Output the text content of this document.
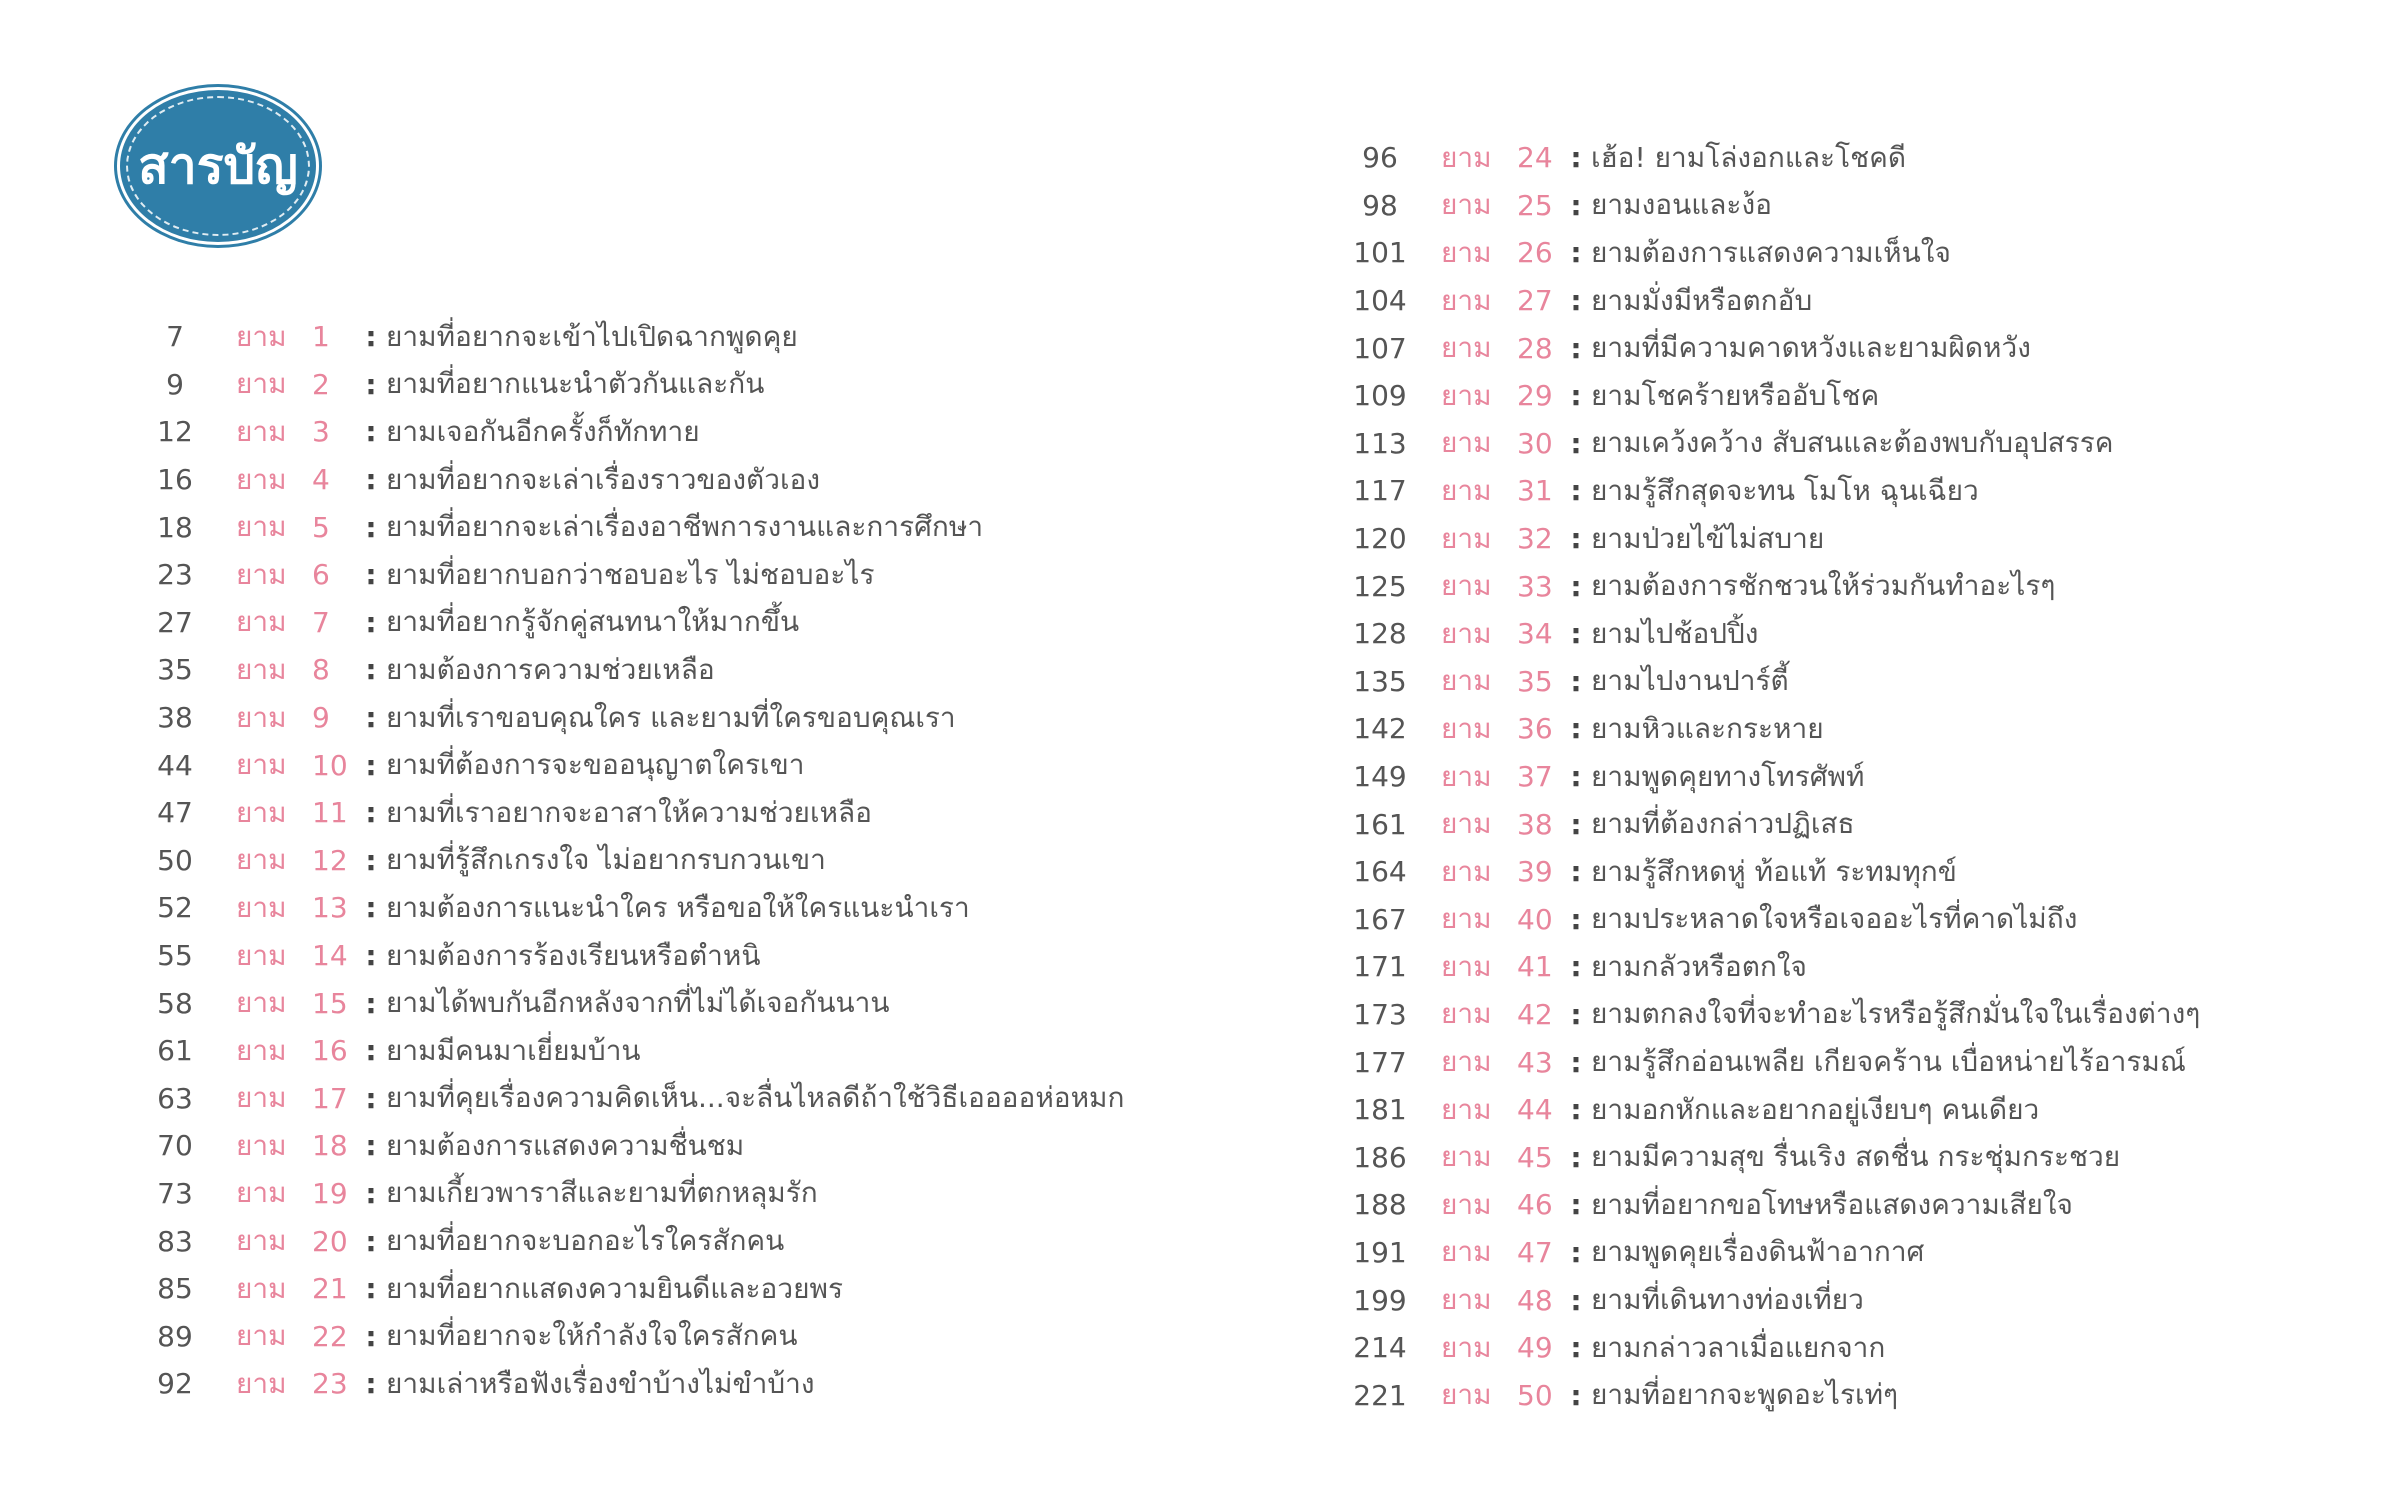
สารบัญ
7	ยาม 1	: ยามที่อยากจะเข้าไปเปิดฉากพูดคุย
9	ยาม 2	: ยามที่อยากแนะนำตัวกันและกัน
12	ยาม 3	: ยามเจอกันอีกครั้งก็ทักทาย
16	ยาม 4	: ยามที่อยากจะเล่าเรื่องราวของตัวเอง
18	ยาม 5	: ยามที่อยากจะเล่าเรื่องอาชีพการงานและการศึกษา
23	ยาม 6	: ยามที่อยากบอกว่าชอบอะไร ไม่ชอบอะไร
27	ยาม 7	: ยามที่อยากรู้จักคู่สนทนาให้มากขึ้น
35	ยาม 8	: ยามต้องการความช่วยเหลือ
38	ยาม 9	: ยามที่เราขอบคุณใคร และยามที่ใครขอบคุณเรา
44	ยาม 10 : ยามที่ต้องการจะขออนุญาตใครเขา
47	ยาม 11 : ยามที่เราอยากจะอาสาให้ความช่วยเหลือ
50	ยาม 12 : ยามที่รู้สึกเกรงใจ ไม่อยากรบกวนเขา
52	ยาม 13 : ยามต้องการแนะนำใคร หรือขอให้ใครแนะนำเรา
55	ยาม 14 : ยามต้องการร้องเรียนหรือตำหนิ
58	ยาม 15 : ยามได้พบกันอีกหลังจากที่ไม่ได้เจอกันนาน
61	ยาม 16 : ยามมีคนมาเยี่ยมบ้าน
63	ยาม 17 : ยามที่คุยเรื่องความคิดเห็น...จะลื่นไหลดีถ้าใช้วิธีเออออห่อหมก
70	ยาม 18 : ยามต้องการแสดงความชื่นชม
73	ยาม 19 : ยามเกี้ยวพาราสีและยามที่ตกหลุมรัก
83	ยาม 20 : ยามที่อยากจะบอกอะไรใครสักคน
85	ยาม 21 : ยามที่อยากแสดงความยินดีและอวยพร
89	ยาม 22 : ยามที่อยากจะให้กำลังใจใครสักคน
92	ยาม 23 : ยามเล่าหรือฟังเรื่องขำบ้างไม่ขำบ้าง
96	ยาม 24 : เฮ้อ! ยามโล่งอกและโชคดี
98	ยาม 25 : ยามงอนและง้อ
101	ยาม 26 : ยามต้องการแสดงความเห็นใจ
104	ยาม 27 : ยามมั่งมีหรือตกอับ
107	ยาม 28 : ยามที่มีความคาดหวังและยามผิดหวัง
109	ยาม 29 : ยามโชคร้ายหรืออับโชค
113	ยาม 30 : ยามเคว้งคว้าง สับสนและต้องพบกับอุปสรรค
117	ยาม 31 : ยามรู้สึกสุดจะทน โมโห ฉุนเฉียว
120	ยาม 32 : ยามป่วยไข้ไม่สบาย
125	ยาม 33 : ยามต้องการชักชวนให้ร่วมกันทำอะไรๆ
128	ยาม 34 : ยามไปช้อปปิ้ง
135	ยาม 35 : ยามไปงานปาร์ตี้
142	ยาม 36 : ยามหิวและกระหาย
149	ยาม 37 : ยามพูดคุยทางโทรศัพท์
161	ยาม 38 : ยามที่ต้องกล่าวปฏิเสธ
164	ยาม 39 : ยามรู้สึกหดหู่ ท้อแท้ ระทมทุกข์
167	ยาม 40 : ยามประหลาดใจหรือเจออะไรที่คาดไม่ถึง
171	ยาม 41 : ยามกลัวหรือตกใจ
173	ยาม 42 : ยามตกลงใจที่จะทำอะไรหรือรู้สึกมั่นใจในเรื่องต่างๆ
177	ยาม 43 : ยามรู้สึกอ่อนเพลีย เกียจคร้าน เบื่อหน่ายไร้อารมณ์
181	ยาม 44 : ยามอกหักและอยากอยู่เงียบๆ คนเดียว
186	ยาม 45 : ยามมีความสุข รื่นเริง สดชื่น กระชุ่มกระชวย
188	ยาม 46 : ยามที่อยากขอโทษหรือแสดงความเสียใจ
191	ยาม 47 : ยามพูดคุยเรื่องดินฟ้าอากาศ
199	ยาม 48 : ยามที่เดินทางท่องเที่ยว
214	ยาม 49 : ยามกล่าวลาเมื่อแยกจาก
221	ยาม 50 : ยามที่อยากจะพูดอะไรเท่ๆ
